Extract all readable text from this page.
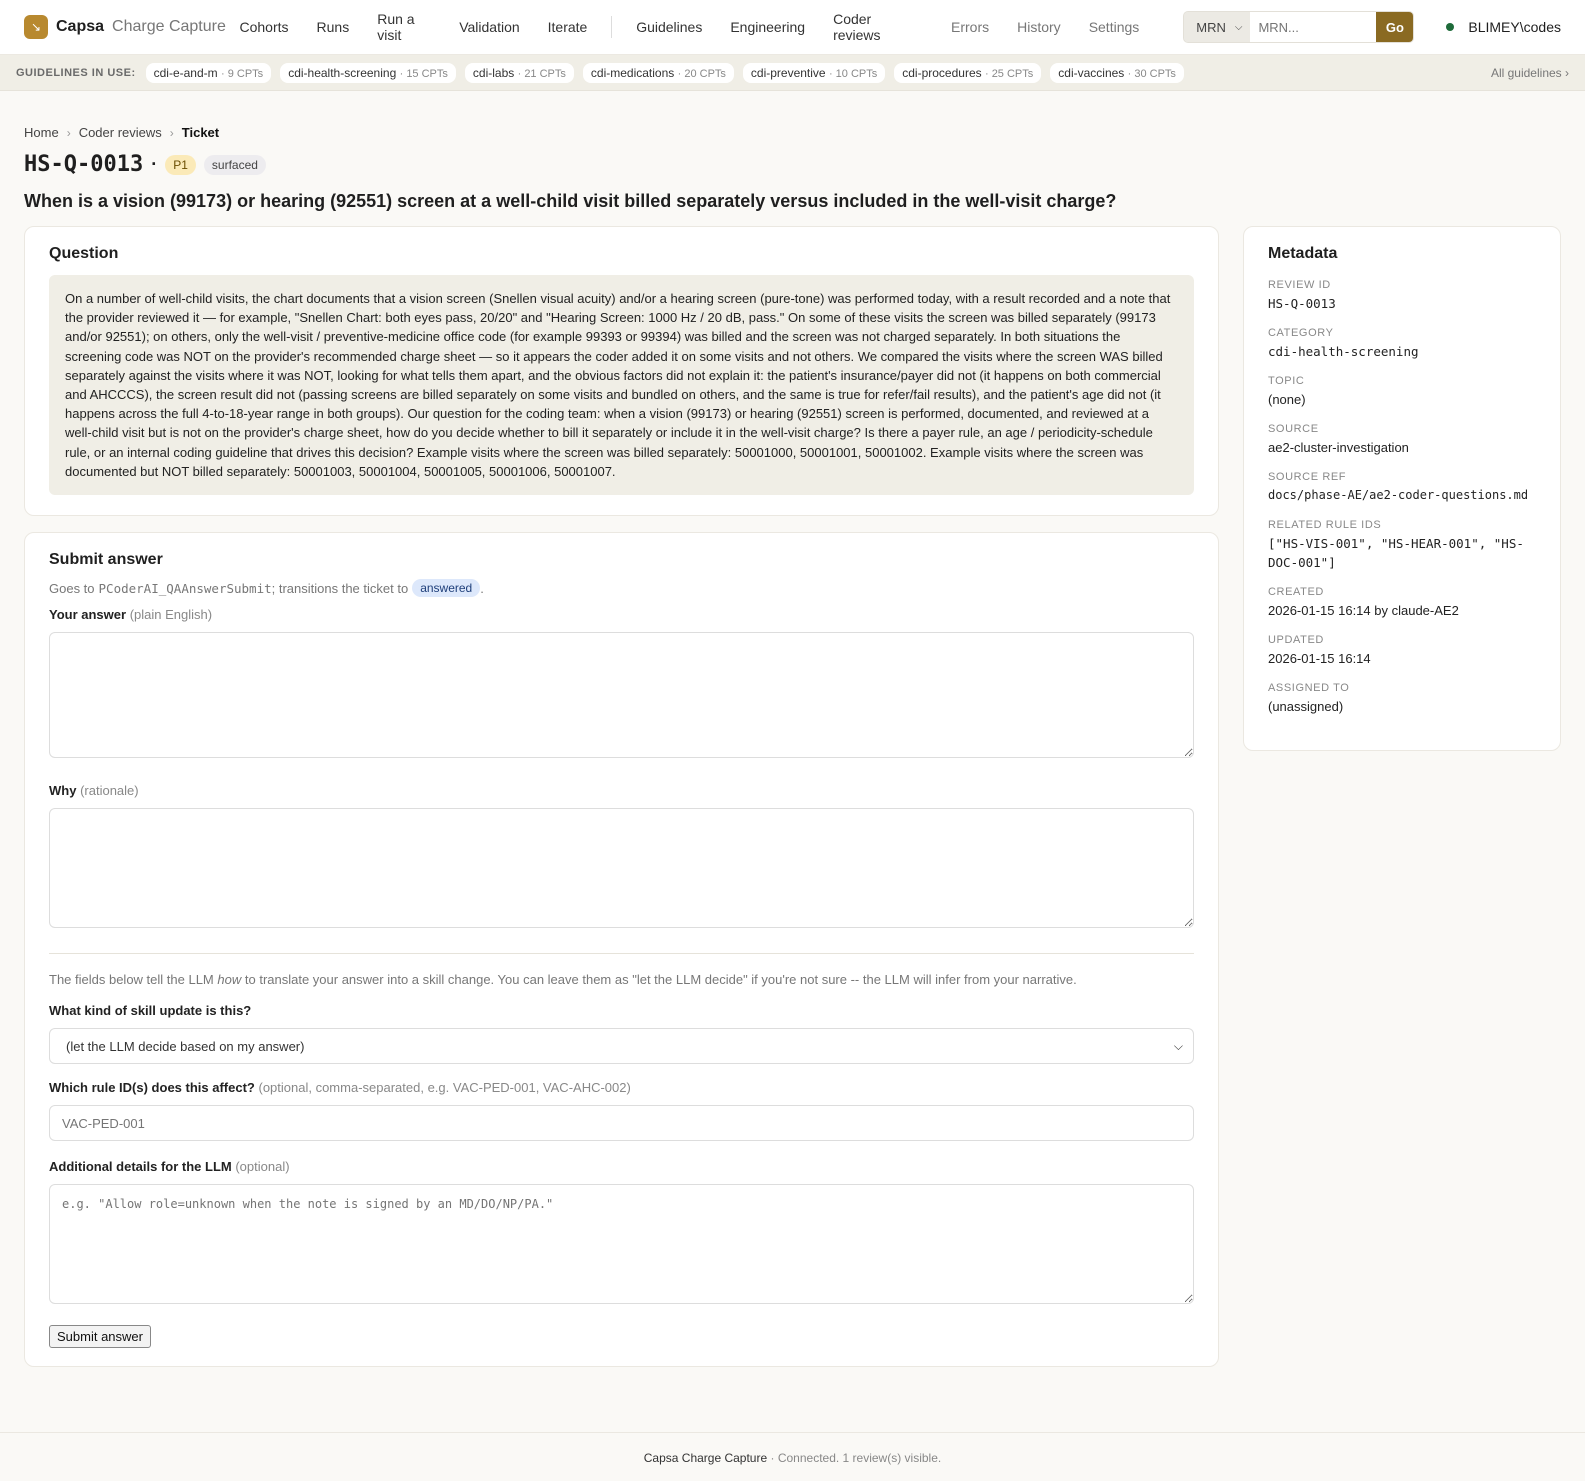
↘ Capsa Charge Capture Cohorts Runs Run a visit	Validation Iterate	Guidelines Engineering Coder reviews	Errors History Settings	MRN ⌵
MRN...	Go	BLIMEY\codes
GUIDELINES IN USE:	cdi-e-and-m · 9 CPTs	cdi-health-screening · 15 CPTs	cdi-labs · 21 CPTs	cdi-medications · 20 CPTs	cdi-preventive · 10 CPTs	cdi-procedures · 25 CPTs	cdi-vaccines · 30 CPTs	All guidelines ›
Home › Coder reviews › Ticket
HS-Q-0013 ·	P1	surfaced
When is a vision (99173) or hearing (92551) screen at a well-child visit billed separately versus included in the well-visit charge?
Question
On a number of well-child visits, the chart documents that a vision screen (Snellen visual acuity) and/or a hearing screen (pure-tone) was performed today, with a result recorded and a note that the provider reviewed it — for example, "Snellen Chart: both eyes pass, 20/20" and "Hearing Screen: 1000 Hz / 20 dB, pass." On some of these visits the screen was billed separately (99173 and/or 92551); on others, only the well-visit / preventive-medicine office code (for example 99393 or 99394) was billed and the screen was not charged separately. In both situations the screening code was NOT on the provider's recommended charge sheet — so it appears the coder added it on some visits and not others. We compared the visits where the screen WAS billed separately against the visits where it was NOT, looking for what tells them apart, and the obvious factors did not explain it: the patient's insurance/payer did not (it happens on both commercial and AHCCCS), the screen result did not (passing screens are billed separately on some visits and bundled on others, and the same is true for refer/fail results), and the patient's age did not (it happens across the full 4-to-18-year range in both groups). Our question for the coding team: when a vision (99173) or hearing (92551) screen is performed, documented, and reviewed at a well-child visit but is not on the provider's charge sheet, how do you decide whether to bill it separately or include it in the well-visit charge? Is there a payer rule, an age / periodicity-schedule rule, or an internal coding guideline that drives this decision? Example visits where the screen was billed separately: 50001000, 50001001, 50001002. Example visits where the screen was documented but NOT billed separately: 50001003, 50001004, 50001005, 50001006, 50001007.
Submit answer
Goes to PCoderAI_QAAnswerSubmit ; transitions the ticket to	answered .
Your answer (plain English)
Why (rationale)
The fields below tell the LLM how to translate your answer into a skill change. You can leave them as "let the LLM decide" if you're not sure -- the LLM will infer from your narrative.
What kind of skill update is this?
(let the LLM decide based on my answer)	⌵
Which rule ID(s) does this affect? (optional, comma-separated, e.g. VAC-PED-001, VAC-AHC-002)
VAC-PED-001
Additional details for the LLM (optional)
e.g. "Allow role=unknown when the note is signed by an MD/DO/NP/PA." Submit answer
Metadata
REVIEW ID
HS-Q-0013
CATEGORY
cdi-health-screening
TOPIC
(none)
SOURCE
ae2-cluster-investigation
SOURCE REF
docs/phase-AE/ae2-coder-questions.md
RELATED RULE IDS
["HS-VIS-001", "HS-HEAR-001", "HS-DOC-001"]
CREATED
2026-01-15 16:14 by claude-AE2
UPDATED
2026-01-15 16:14
ASSIGNED TO
(unassigned)
Capsa Charge Capture · Connected. 1 review(s) visible.
